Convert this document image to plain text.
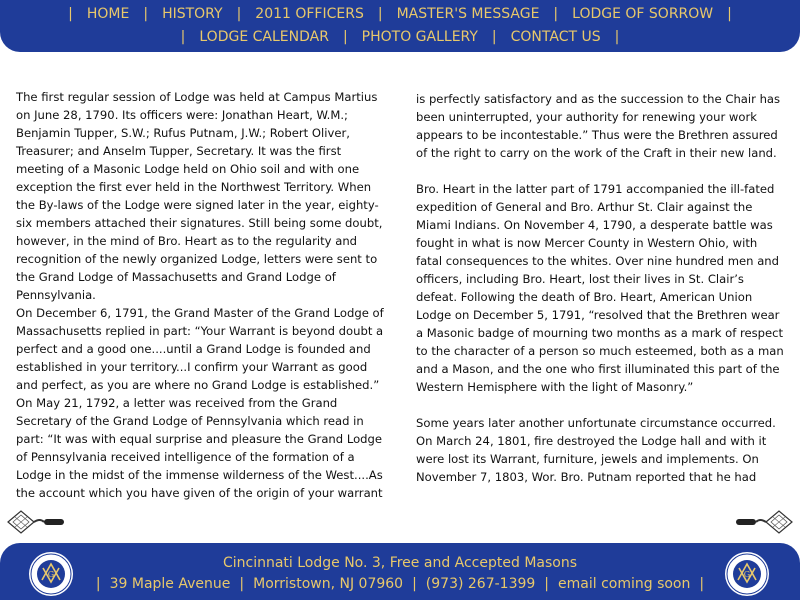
| HOME | HISTORY | 2011 OFFICERS | MASTER'S MESSAGE | LODGE OF SORROW |
| LODGE CALENDAR | PHOTO GALLERY | CONTACT US |

The first regular session of Lodge was held at Campus Martius on June 28, 1790. Its officers were: Jonathan Heart, W.M.; Benjamin Tupper, S.W.; Rufus Putnam, J.W.; Robert Oliver, Treasurer; and Anselm Tupper, Secretary. It was the first meeting of a Masonic Lodge held on Ohio soil and with one exception the first ever held in the Northwest Territory. When the By-laws of the Lodge were signed later in the year, eighty-six members attached their signatures. Still being some doubt, however, in the mind of Bro. Heart as to the regularity and recognition of the newly organized Lodge, letters were sent to the Grand Lodge of Massachusetts and Grand Lodge of Pennsylvania.

On December 6, 1791, the Grand Master of the Grand Lodge of Massachusetts replied in part: “Your Warrant is beyond doubt a perfect and a good one....until a Grand Lodge is founded and established in your territory...I confirm your Warrant as good and perfect, as you are where no Grand Lodge is established.”

On May 21, 1792, a letter was received from the Grand Secretary of the Grand Lodge of Pennsylvania which read in part: “It was with equal surprise and pleasure the Grand Lodge of Pennsylvania received intelligence of the formation of a Lodge in the midst of the immense wilderness of the West....As the account which you have given of the origin of your warrant

is perfectly satisfactory and as the succession to the Chair has been uninterrupted, your authority for renewing your work appears to be incontestable.” Thus were the Brethren assured of the right to carry on the work of the Craft in their new land.

Bro. Heart in the latter part of 1791 accompanied the ill-fated expedition of General and Bro. Arthur St. Clair against the Miami Indians. On November 4, 1790, a desperate battle was fought in what is now Mercer County in Western Ohio, with fatal consequences to the whites. Over nine hundred men and officers, including Bro. Heart, lost their lives in St. Clair’s defeat. Following the death of Bro. Heart, American Union Lodge on December 5, 1791, “resolved that the Brethren wear a Masonic badge of mourning two months as a mark of respect to the character of a person so much esteemed, both as a man and a Mason, and the one who first illuminated this part of the Western Hemisphere with the light of Masonry.”

Some years later another unfortunate circumstance occurred. On March 24, 1801, fire destroyed the Lodge hall and with it were lost its Warrant, furniture, jewels and implements. On November 7, 1803, Wor. Bro. Putnam reported that he had

G
Cincinnati Lodge No. 3, Free and Accepted Masons
| 39 Maple Avenue | Morristown, NJ 07960 | (973) 267-1399 | email coming soon |
G
